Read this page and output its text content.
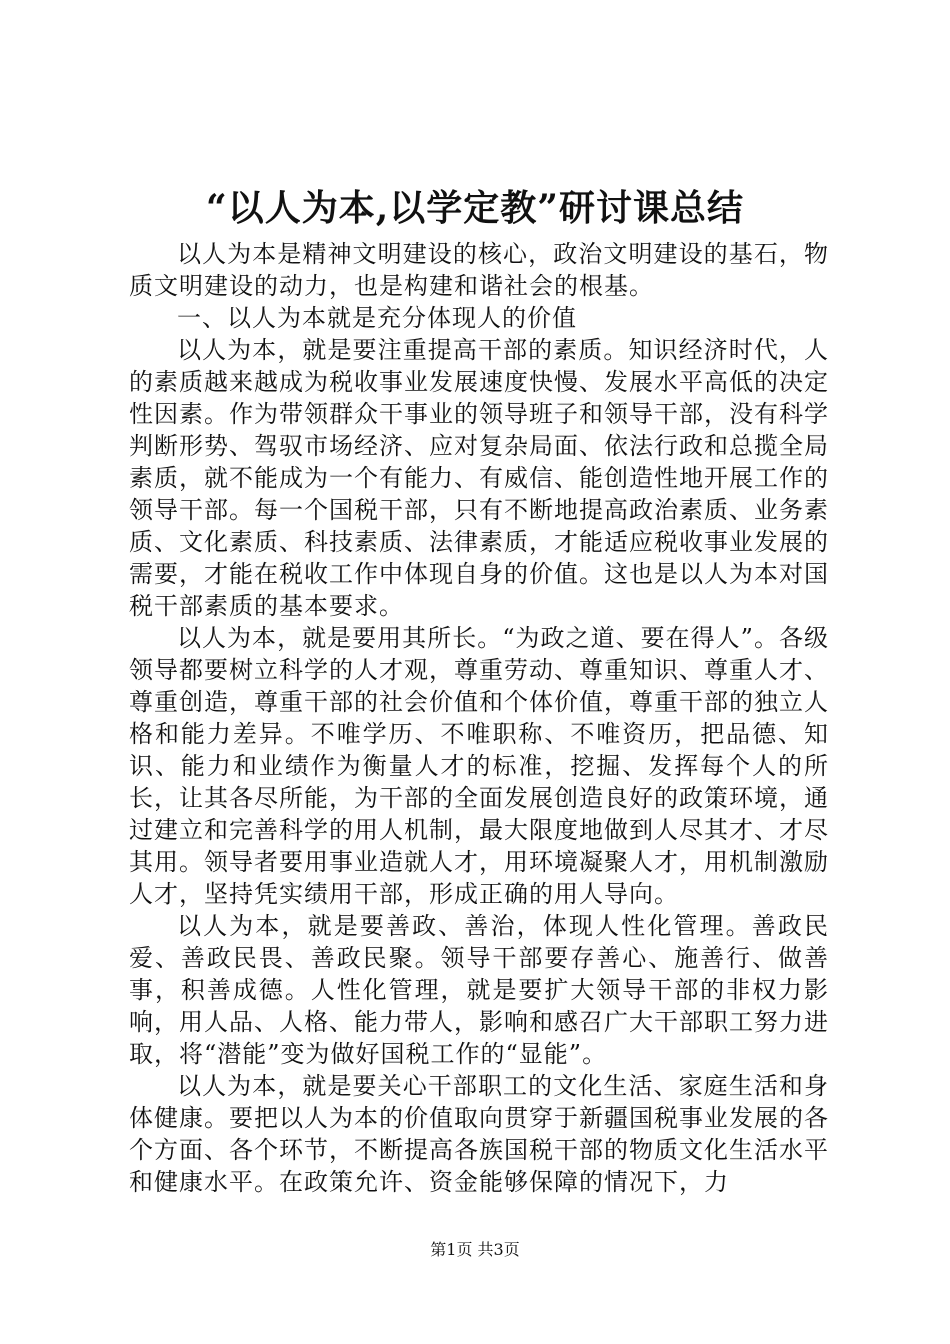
“以人为本,以学定教”研讨课总结

以人为本是精神文明建设的核心，政治文明建设的基石，物质文明建设的动力，也是构建和谐社会的根基。

一、以人为本就是充分体现人的价值

以人为本，就是要注重提高干部的素质。知识经济时代，人的素质越来越成为税收事业发展速度快慢、发展水平高低的决定性因素。作为带领群众干事业的领导班子和领导干部，没有科学判断形势、驾驭市场经济、应对复杂局面、依法行政和总揽全局素质，就不能成为一个有能力、有威信、能创造性地开展工作的领导干部。每一个国税干部，只有不断地提高政治素质、业务素质、文化素质、科技素质、法律素质，才能适应税收事业发展的需要，才能在税收工作中体现自身的价值。这也是以人为本对国税干部素质的基本要求。

以人为本，就是要用其所长。“为政之道、要在得人”。各级领导都要树立科学的人才观，尊重劳动、尊重知识、尊重人才、尊重创造，尊重干部的社会价值和个体价值，尊重干部的独立人格和能力差异。不唯学历、不唯职称、不唯资历，把品德、知识、能力和业绩作为衡量人才的标准，挖掘、发挥每个人的所长，让其各尽所能，为干部的全面发展创造良好的政策环境，通过建立和完善科学的用人机制，最大限度地做到人尽其才、才尽其用。领导者要用事业造就人才，用环境凝聚人才，用机制激励人才，坚持凭实绩用干部，形成正确的用人导向。

以人为本，就是要善政、善治，体现人性化管理。善政民爱、善政民畏、善政民聚。领导干部要存善心、施善行、做善事，积善成德。人性化管理，就是要扩大领导干部的非权力影响，用人品、人格、能力带人，影响和感召广大干部职工努力进取，将“潜能”变为做好国税工作的“显能”。

以人为本，就是要关心干部职工的文化生活、家庭生活和身体健康。要把以人为本的价值取向贯穿于新疆国税事业发展的各个方面、各个环节，不断提高各族国税干部的物质文化生活水平和健康水平。在政策允许、资金能够保障的情况下，力

第1页 共3页
